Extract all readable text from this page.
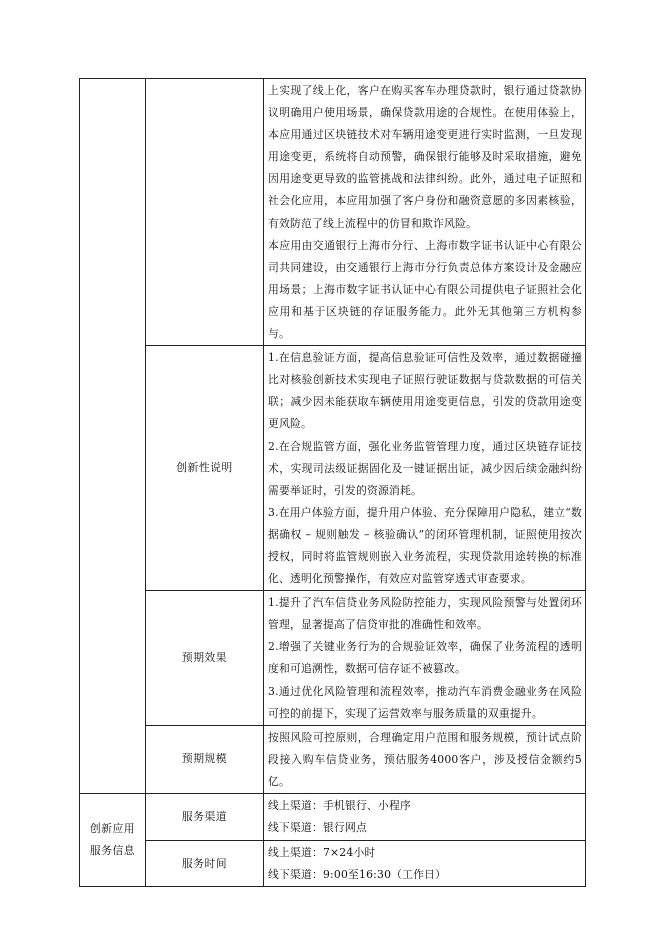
		上实现了线上化，客户在购买客车办理贷款时，银行通过贷款协议明确用户使用场景，确保贷款用途的合规性。在使用体验上，本应用通过区块链技术对车辆用途变更进行实时监测，一旦发现用途变更，系统将自动预警，确保银行能够及时采取措施，避免因用途变更导致的监管挑战和法律纠纷。此外，通过电子证照和社会化应用，本应用加强了客户身份和融资意愿的多因素核验，有效防范了线上流程中的仿冒和欺诈风险。

本应用由交通银行上海市分行、上海市数字证书认证中心有限公司共同建设，由交通银行上海市分行负责总体方案设计及金融应用场景；上海市数字证书认证中心有限公司提供电子证照社会化应用和基于区块链的存证服务能力。此外无其他第三方机构参与。

	创新性说明	1.在信息验证方面，提高信息验证可信性及效率，通过数据碰撞比对核验创新技术实现电子证照行驶证数据与贷款数据的可信关联；减少因未能获取车辆使用用途变更信息，引发的贷款用途变更风险。

2.在合规监管方面，强化业务监管管理力度，通过区块链存证技术，实现司法级证据固化及一键证据出证，减少因后续金融纠纷需要举证时，引发的资源消耗。

3.在用户体验方面，提升用户体验、充分保障用户隐私，建立“数据确权 – 规则触发 – 核验确认”的闭环管理机制，证照使用按次授权，同时将监管规则嵌入业务流程，实现贷款用途转换的标准化、透明化预警操作，有效应对监管穿透式审查要求。

	预期效果	1.提升了汽车信贷业务风险防控能力，实现风险预警与处置闭环管理，显著提高了信贷审批的准确性和效率。

2.增强了关键业务行为的合规验证效率，确保了业务流程的透明度和可追溯性，数据可信存证不被篡改。

3.通过优化风险管理和流程效率，推动汽车消费金融业务在风险可控的前提下，实现了运营效率与服务质量的双重提升。

	预期规模	按照风险可控原则，合理确定用户范围和服务规模，预计试点阶段接入购车信贷业务，预估服务4000客户，涉及授信金额约5亿。

创新应用服务信息	服务渠道	线上渠道：手机银行、小程序

线下渠道：银行网点

	服务时间	线上渠道：7×24小时

线下渠道：9:00至16:30（工作日）
